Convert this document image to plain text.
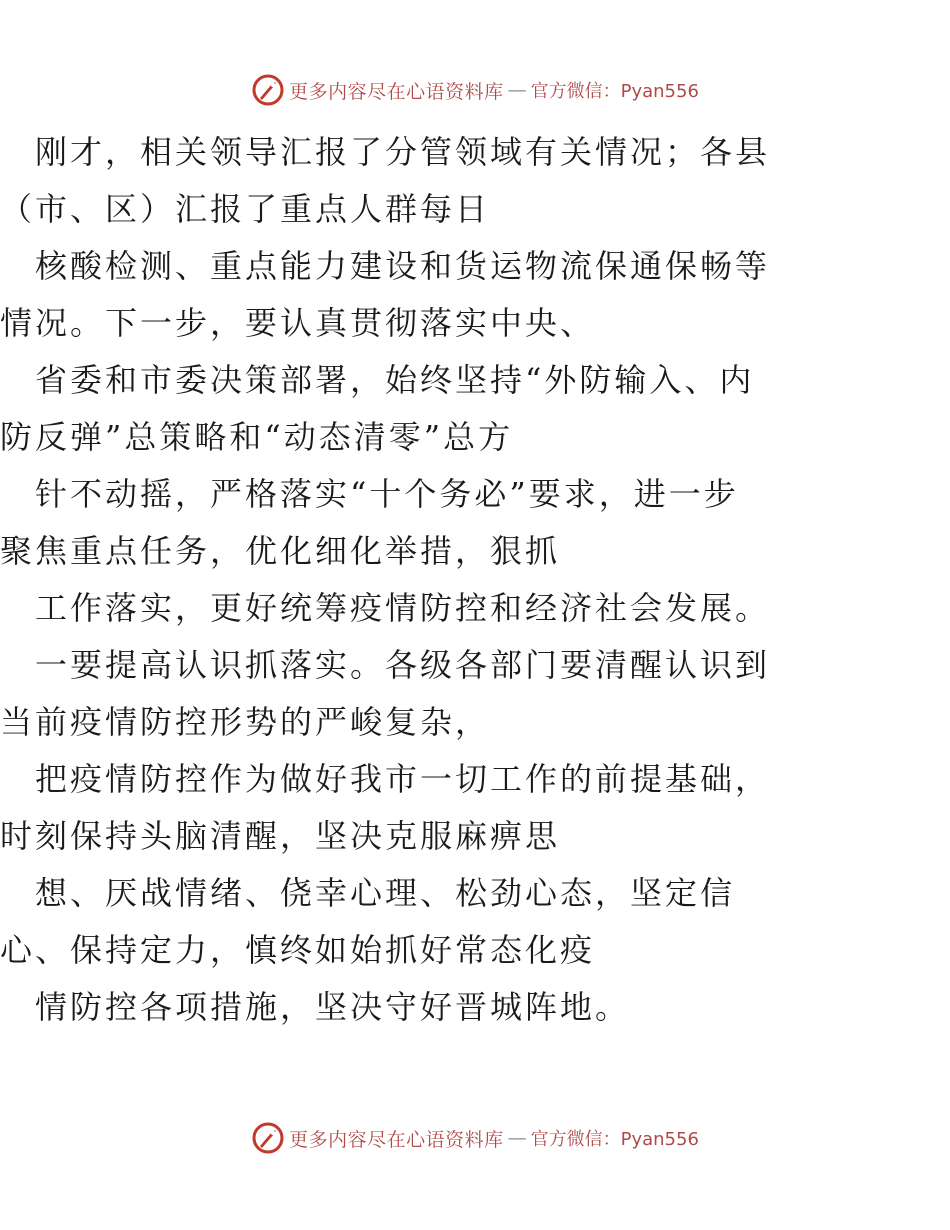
更多内容尽在心语资料库 — 官方微信：Pyan556
　刚才，相关领导汇报了分管领域有关情况；各县
（市、区）汇报了重点人群每日
　核酸检测、重点能力建设和货运物流保通保畅等
情况。下一步，要认真贯彻落实中央、
　省委和市委决策部署，始终坚持“外防输入、内
防反弹”总策略和“动态清零”总方
　针不动摇，严格落实“十个务必”要求，进一步
聚焦重点任务，优化细化举措，狠抓
　工作落实，更好统筹疫情防控和经济社会发展。
　一要提高认识抓落实。各级各部门要清醒认识到
当前疫情防控形势的严峻复杂，
　把疫情防控作为做好我市一切工作的前提基础，
时刻保持头脑清醒，坚决克服麻痹思
　想、厌战情绪、侥幸心理、松劲心态，坚定信
心、保持定力，慎终如始抓好常态化疫
　情防控各项措施，坚决守好晋城阵地。
更多内容尽在心语资料库 — 官方微信：Pyan556
